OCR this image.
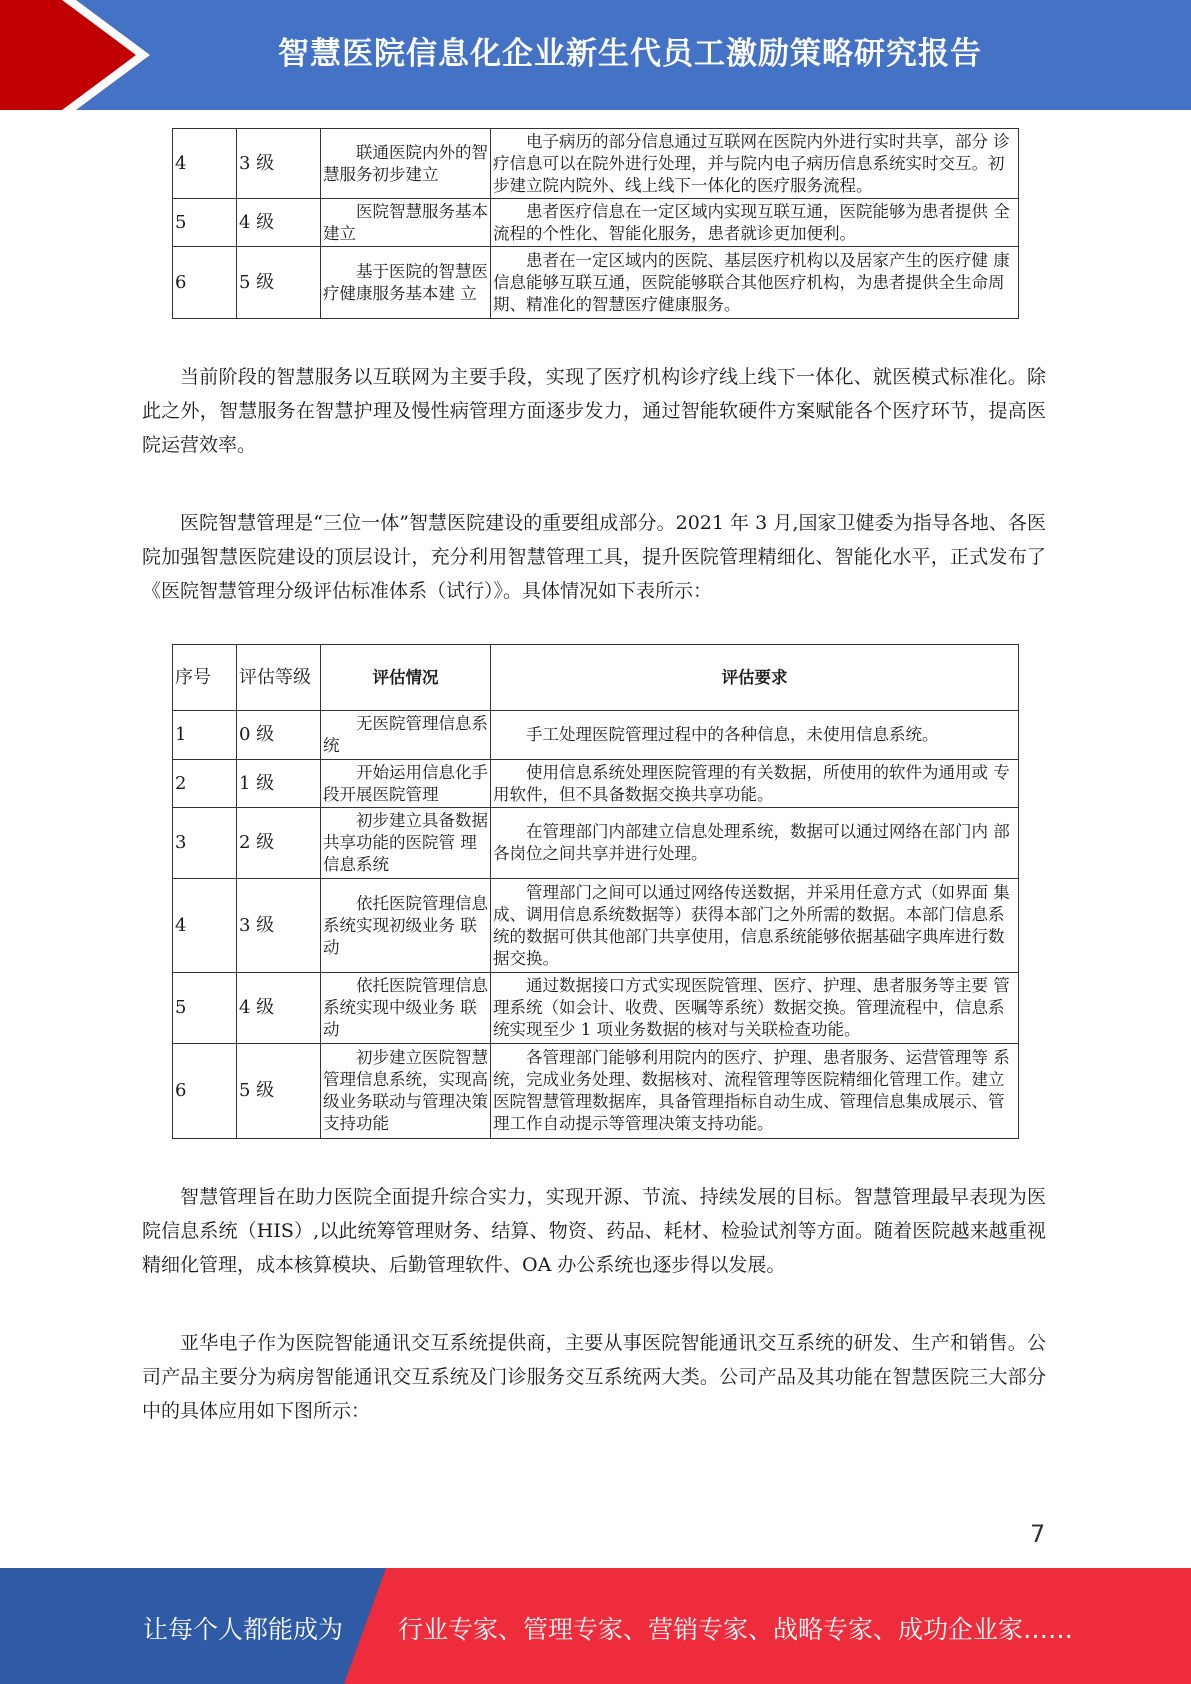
智慧医院信息化企业新生代员工激励策略研究报告
4	3 级	联通医院内外的智 慧服务初步建立	电子病历的部分信息通过互联网在医院内外进行实时共享，部分 诊疗信息可以在院外进行处理，并与院内电子病历信息系统实时交互。初步建立院内院外、线上线下一体化的医疗服务流程。
5	4 级	医院智慧服务基本 建立	患者医疗信息在一定区域内实现互联互通，医院能够为患者提供 全流程的个性化、智能化服务，患者就诊更加便利。
6	5 级	基于医院的智慧医 疗健康服务基本建 立	患者在一定区域内的医院、基层医疗机构以及居家产生的医疗健 康信息能够互联互通，医院能够联合其他医疗机构，为患者提供全生命周期、精准化的智慧医疗健康服务。

当前阶段的智慧服务以互联网为主要手段，实现了医疗机构诊疗线上线下一体化、就医模式标准化。除此之外，智慧服务在智慧护理及慢性病管理方面逐步发力，通过智能软硬件方案赋能各个医疗环节，提高医院运营效率。

医院智慧管理是“三位一体”智慧医院建设的重要组成部分。2021 年 3 月,国家卫健委为指导各地、各医院加强智慧医院建设的顶层设计，充分利用智慧管理工具，提升医院管理精细化、智能化水平，正式发布了《医院智慧管理分级评估标准体系（试行）》。具体情况如下表所示：

序号	评估等级	评估情况	评估要求
1	0 级	无医院管理信息系 统	手工处理医院管理过程中的各种信息，未使用信息系统。
2	1 级	开始运用信息化手 段开展医院管理	使用信息系统处理医院管理的有关数据，所使用的软件为通用或 专用软件，但不具备数据交换共享功能。
3	2 级	初步建立具备数据 共享功能的医院管 理信息系统	在管理部门内部建立信息处理系统，数据可以通过网络在部门内 部各岗位之间共享并进行处理。
4	3 级	依托医院管理信息 系统实现初级业务 联动	管理部门之间可以通过网络传送数据，并采用任意方式（如界面 集成、调用信息系统数据等）获得本部门之外所需的数据。本部门信息系统的数据可供其他部门共享使用，信息系统能够依据基础字典库进行数据交换。
5	4 级	依托医院管理信息 系统实现中级业务 联动	通过数据接口方式实现医院管理、医疗、护理、患者服务等主要 管理系统（如会计、收费、医嘱等系统）数据交换。管理流程中，信息系统实现至少 1 项业务数据的核对与关联检查功能。
6	5 级	初步建立医院智慧 管理信息系统，实现高级业务联动与管理决策支持功能	各管理部门能够利用院内的医疗、护理、患者服务、运营管理等 系统，完成业务处理、数据核对、流程管理等医院精细化管理工作。建立医院智慧管理数据库，具备管理指标自动生成、管理信息集成展示、管理工作自动提示等管理决策支持功能。

智慧管理旨在助力医院全面提升综合实力，实现开源、节流、持续发展的目标。智慧管理最早表现为医院信息系统（HIS）,以此统筹管理财务、结算、物资、药品、耗材、检验试剂等方面。随着医院越来越重视精细化管理，成本核算模块、后勤管理软件、OA 办公系统也逐步得以发展。

亚华电子作为医院智能通讯交互系统提供商，主要从事医院智能通讯交互系统的研发、生产和销售。公司产品主要分为病房智能通讯交互系统及门诊服务交互系统两大类。公司产品及其功能在智慧医院三大部分中的具体应用如下图所示：

7
让每个人都能成为 行业专家、管理专家、营销专家、战略专家、成功企业家……
